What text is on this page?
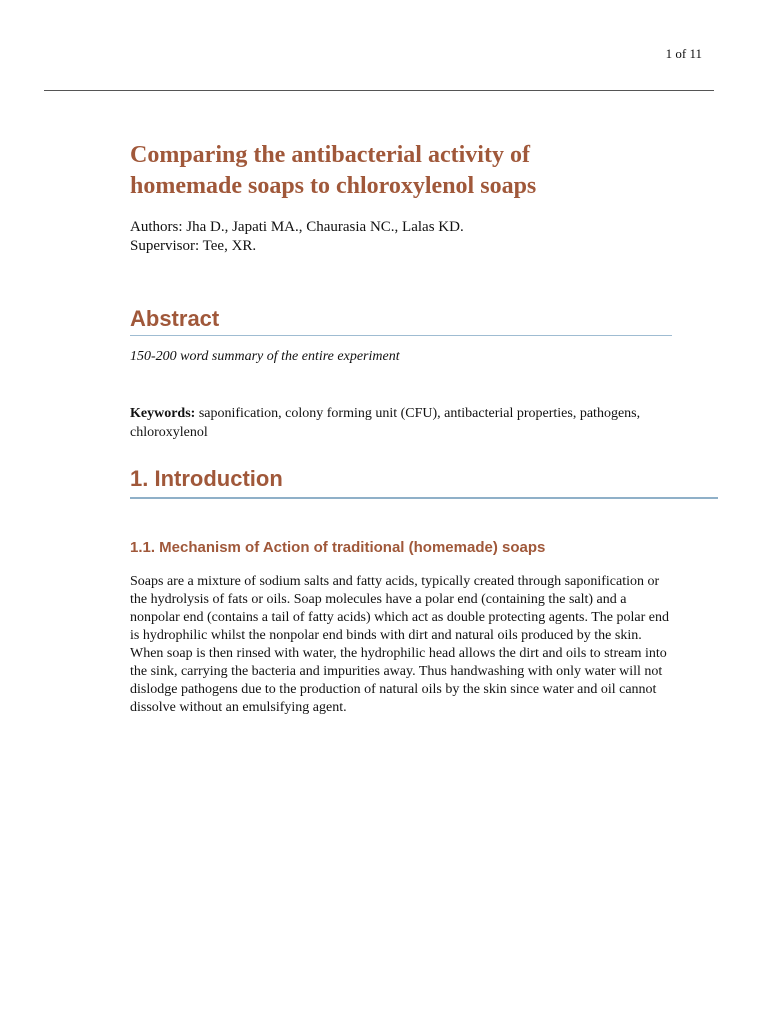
1 of 11
Comparing the antibacterial activity of
homemade soaps to chloroxylenol soaps
Authors: Jha D., Japati MA., Chaurasia NC., Lalas KD.
Supervisor: Tee, XR.
Abstract
150-200 word summary of the entire experiment
Keywords: saponification, colony forming unit (CFU), antibacterial properties, pathogens, chloroxylenol
1. Introduction
1.1. Mechanism of Action of traditional (homemade) soaps
Soaps are a mixture of sodium salts and fatty acids, typically created through saponification or
the hydrolysis of fats or oils. Soap molecules have a polar end (containing the salt) and a
nonpolar end (contains a tail of fatty acids) which act as double protecting agents. The polar end
is hydrophilic whilst the nonpolar end binds with dirt and natural oils produced by the skin.
When soap is then rinsed with water, the hydrophilic head allows the dirt and oils to stream into
the sink, carrying the bacteria and impurities away. Thus handwashing with only water will not
dislodge pathogens due to the production of natural oils by the skin since water and oil cannot
dissolve without an emulsifying agent.
